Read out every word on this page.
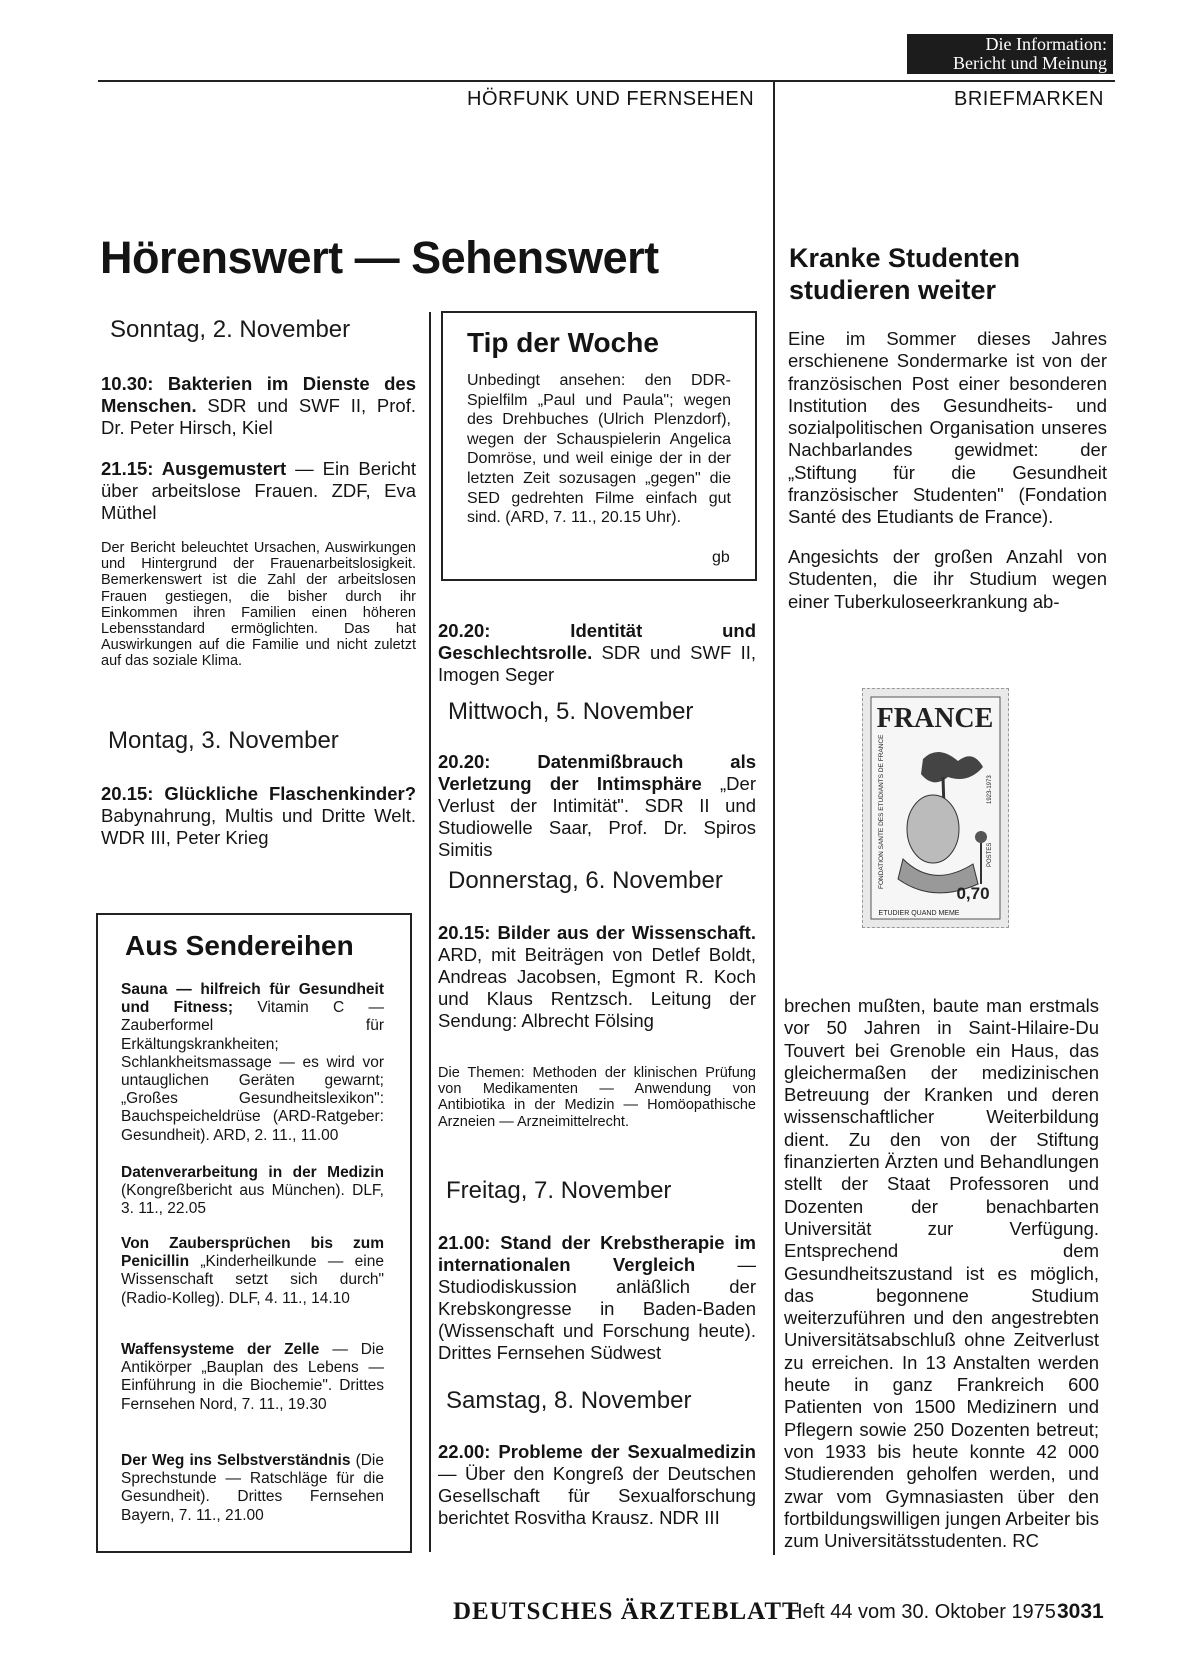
Die Information:
Bericht und Meinung
HÖRFUNK UND FERNSEHEN	BRIEFMARKEN
Hörenswert — Sehenswert
Sonntag, 2. November
10.30: Bakterien im Dienste des Menschen. SDR und SWF II, Prof. Dr. Peter Hirsch, Kiel
21.15: Ausgemustert — Ein Bericht über arbeitslose Frauen. ZDF, Eva Müthel
Der Bericht beleuchtet Ursachen, Auswirkungen und Hintergrund der Frauenarbeitslosigkeit. Bemerkenswert ist die Zahl der arbeitslosen Frauen gestiegen, die bisher durch ihr Einkommen ihren Familien einen höheren Lebensstandard ermöglichten. Das hat Auswirkungen auf die Familie und nicht zuletzt auf das soziale Klima.
Montag, 3. November
20.15: Glückliche Flaschenkinder? Babynahrung, Multis und Dritte Welt. WDR III, Peter Krieg
Aus Sendereihen
Sauna — hilfreich für Gesundheit und Fitness; Vitamin C — Zauberformel für Erkältungskrankheiten; Schlankheitsmassage — es wird vor untauglichen Geräten gewarnt; „Großes Gesundheitslexikon": Bauchspeicheldrüse (ARD-Ratgeber: Gesundheit). ARD, 2. 11., 11.00
Datenverarbeitung in der Medizin (Kongreßbericht aus München). DLF, 3. 11., 22.05
Von Zaubersprüchen bis zum Penicillin „Kinderheilkunde — eine Wissenschaft setzt sich durch" (Radio-Kolleg). DLF, 4. 11., 14.10
Waffensysteme der Zelle — Die Antikörper „Bauplan des Lebens — Einführung in die Biochemie". Drittes Fernsehen Nord, 7. 11., 19.30
Der Weg ins Selbstverständnis (Die Sprechstunde — Ratschläge für die Gesundheit). Drittes Fernsehen Bayern, 7. 11., 21.00
Tip der Woche
Unbedingt ansehen: den DDR-Spielfilm „Paul und Paula"; wegen des Drehbuches (Ulrich Plenzdorf), wegen der Schauspielerin Angelica Domröse, und weil einige der in der letzten Zeit sozusagen „gegen" die SED gedrehten Filme einfach gut sind. (ARD, 7. 11., 20.15 Uhr).
gb
20.20: Identität und Geschlechtsrolle. SDR und SWF II, Imogen Seger
Mittwoch, 5. November
20.20: Datenmißbrauch als Verletzung der Intimsphäre „Der Verlust der Intimität". SDR II und Studiowelle Saar, Prof. Dr. Spiros Simitis
Donnerstag, 6. November
20.15: Bilder aus der Wissenschaft. ARD, mit Beiträgen von Detlef Boldt, Andreas Jacobsen, Egmont R. Koch und Klaus Rentzsch. Leitung der Sendung: Albrecht Fölsing
Die Themen: Methoden der klinischen Prüfung von Medikamenten — Anwendung von Antibiotika in der Medizin — Homöopathische Arzneien — Arzneimittelrecht.
Freitag, 7. November
21.00: Stand der Krebstherapie im internationalen Vergleich — Studiodiskussion anläßlich der Krebskongresse in Baden-Baden (Wissenschaft und Forschung heute). Drittes Fernsehen Südwest
Samstag, 8. November
22.00: Probleme der Sexualmedizin — Über den Kongreß der Deutschen Gesellschaft für Sexualforschung berichtet Rosvitha Krausz. NDR III
Kranke Studenten
studieren weiter
Eine im Sommer dieses Jahres erschienene Sondermarke ist von der französischen Post einer besonderen Institution des Gesundheits- und sozialpolitischen Organisation unseres Nachbarlandes gewidmet: der „Stiftung für die Gesundheit französischer Studenten" (Fondation Santé des Etudiants de France).
Angesichts der großen Anzahl von Studenten, die ihr Studium wegen einer Tuberkuloseerkrankung ab-
FRANCE
0,70
ETUDIER QUAND MEME
FONDATION SANTE DES ETUDIANTS DE FRANCE	1923-1973
POSTES
brechen mußten, baute man erstmals vor 50 Jahren in Saint-Hilaire-Du Touvert bei Grenoble ein Haus, das gleichermaßen der medizinischen Betreuung der Kranken und deren wissenschaftlicher Weiterbildung dient. Zu den von der Stiftung finanzierten Ärzten und Behandlungen stellt der Staat Professoren und Dozenten der benachbarten Universität zur Verfügung. Entsprechend dem Gesundheitszustand ist es möglich, das begonnene Studium weiterzuführen und den angestrebten Universitätsabschluß ohne Zeitverlust zu erreichen. In 13 Anstalten werden heute in ganz Frankreich 600 Patienten von 1500 Medizinern und Pflegern sowie 250 Dozenten betreut; von 1933 bis heute konnte 42 000 Studierenden geholfen werden, und zwar vom Gymnasiasten über den fortbildungswilligen jungen Arbeiter bis zum Universitätsstudenten. RC
DEUTSCHES ÄRZTEBLATT
Heft 44 vom 30. Oktober 1975 3031
